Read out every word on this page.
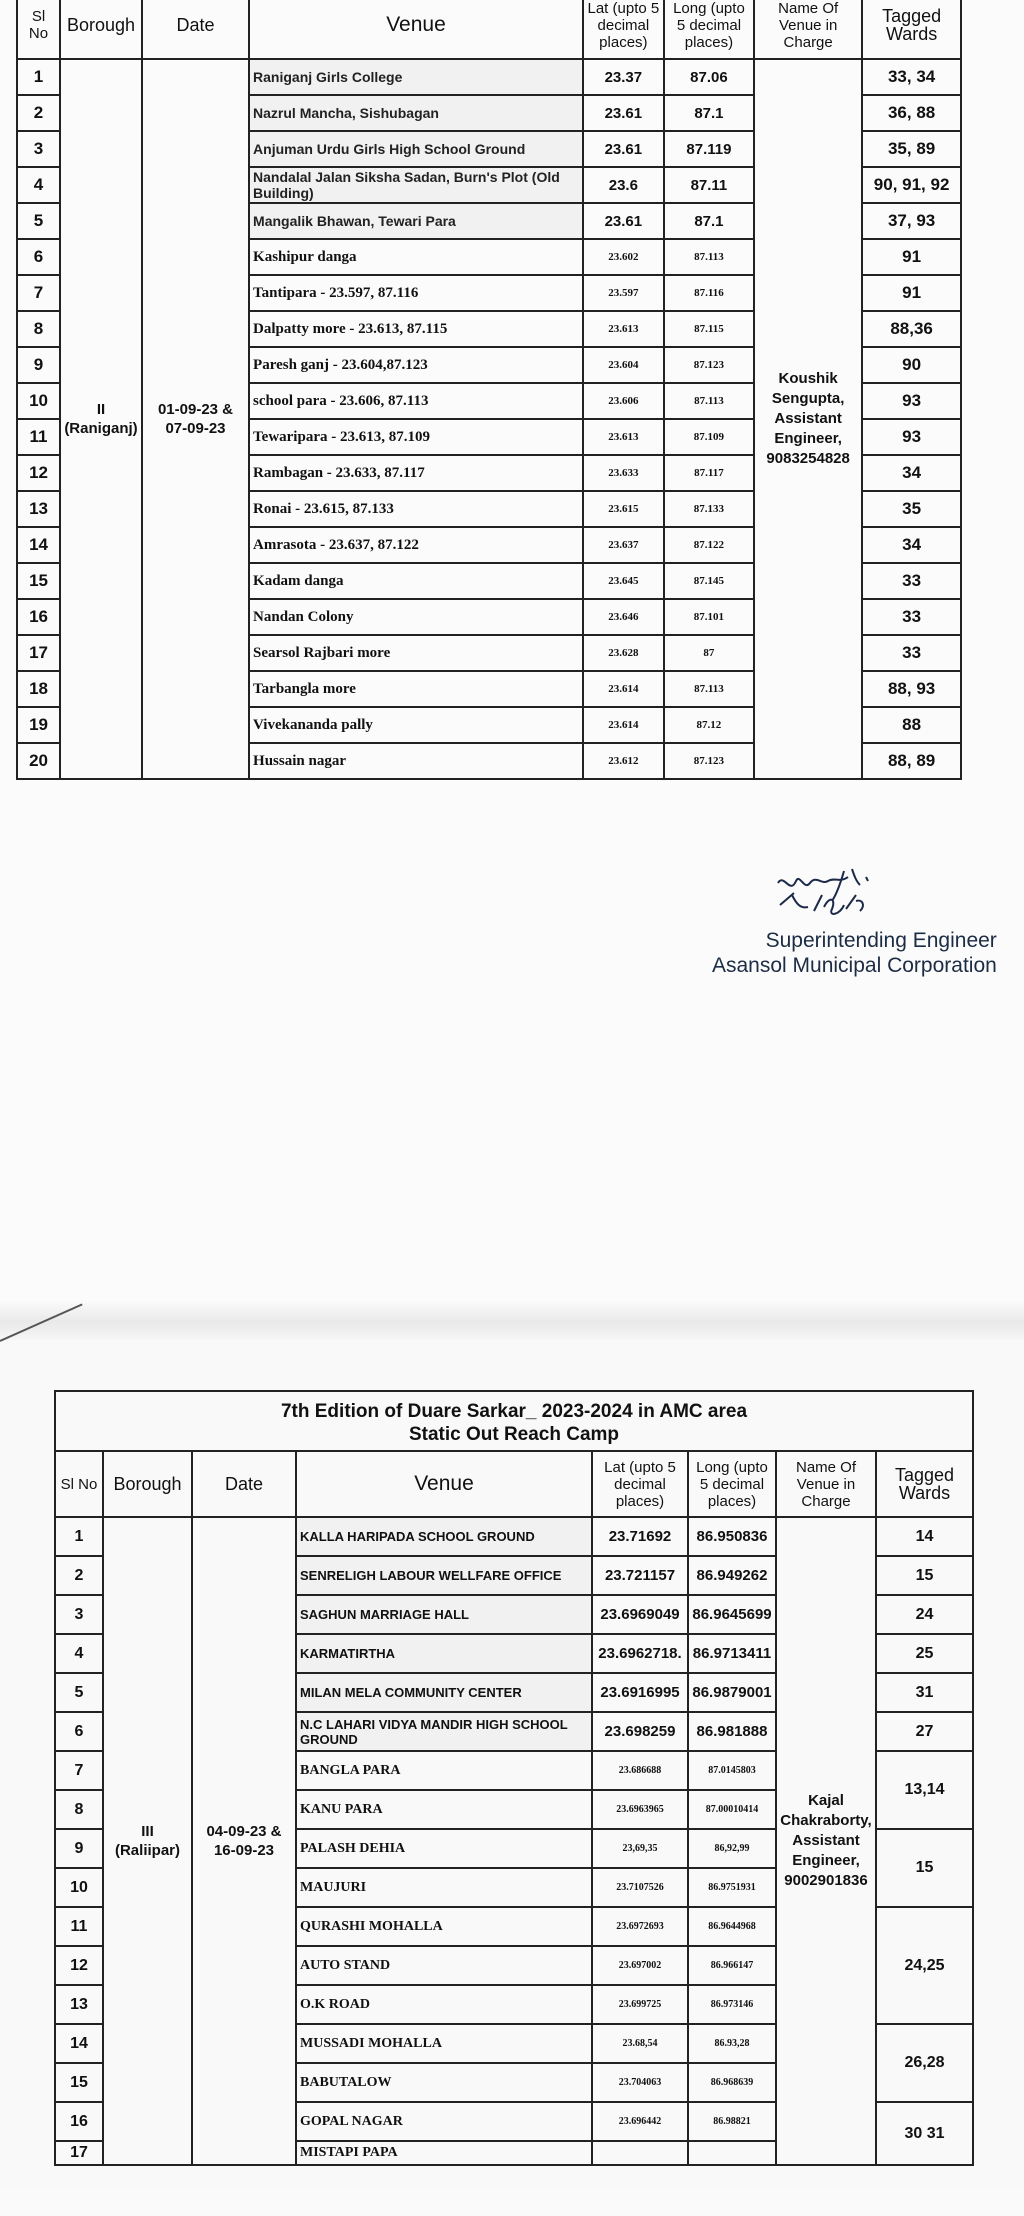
Sl No	Borough	Date	Venue	Lat (upto 5 decimal places)	Long (upto 5 decimal places)	Name Of Venue in Charge	Tagged Wards
1	II (Raniganj)	01-09-23 & 07-09-23	Raniganj Girls College	23.37	87.06	Koushik Sengupta, Assistant Engineer, 9083254828	33, 34
2			Nazrul Mancha, Sishubagan	23.61	87.1		36, 88
3			Anjuman Urdu Girls High School Ground	23.61	87.119		35, 89
4			Nandalal Jalan Siksha Sadan, Burn's Plot (Old Building)	23.6	87.11		90, 91, 92
5			Mangalik Bhawan, Tewari Para	23.61	87.1		37, 93
6			Kashipur danga	23.602	87.113		91
7			Tantipara - 23.597, 87.116	23.597	87.116		91
8			Dalpatty more - 23.613, 87.115	23.613	87.115		88,36
9			Paresh ganj - 23.604,87.123	23.604	87.123		90
10			school para - 23.606, 87.113	23.606	87.113		93
11			Tewaripara - 23.613, 87.109	23.613	87.109		93
12			Rambagan - 23.633, 87.117	23.633	87.117		34
13			Ronai - 23.615, 87.133	23.615	87.133		35
14			Amrasota - 23.637, 87.122	23.637	87.122		34
15			Kadam danga	23.645	87.145		33
16			Nandan Colony	23.646	87.101		33
17			Searsol Rajbari more	23.628	87		33
18			Tarbangla more	23.614	87.113		88, 93
19			Vivekananda pally	23.614	87.12		88
20			Hussain nagar	23.612	87.123		88, 89
Superintending Engineer
Asansol Municipal Corporation
7th Edition of Duare Sarkar_ 2023-2024 in AMC area
Static Out Reach Camp
Sl No	Borough	Date	Venue	Lat (upto 5 decimal places)	Long (upto 5 decimal places)	Name Of Venue in Charge	Tagged Wards
1	III (Raliipar)	04-09-23 & 16-09-23	KALLA HARIPADA SCHOOL GROUND	23.71692	86.950836	Kajal Chakraborty, Assistant Engineer, 9002901836	14
2			SENRELIGH LABOUR WELLFARE OFFICE	23.721157	86.949262		15
3			SAGHUN MARRIAGE HALL	23.6969049	86.9645699		24
4			KARMATIRTHA	23.6962718.	86.9713411		25
5			MILAN MELA COMMUNITY CENTER	23.6916995	86.9879001		31
6			N.C LAHARI VIDYA MANDIR HIGH SCHOOL GROUND	23.698259	86.981888		27
7			BANGLA PARA	23.686688	87.0145803		13,14
8			KANU PARA	23.6963965	87.00010414		
9			PALASH DEHIA	23,69,35	86,92,99		15
10			MAUJURI	23.7107526	86.9751931		
11			QURASHI MOHALLA	23.6972693	86.9644968		24,25
12			AUTO STAND	23.697002	86.966147		
13			O.K ROAD	23.699725	86.973146		
14			MUSSADI MOHALLA	23.68,54	86.93,28		26,28
15			BABUTALOW	23.704063	86.968639		
16			GOPAL NAGAR	23.696442	86.98821		30 31
17			MISTAPI PAPA				
